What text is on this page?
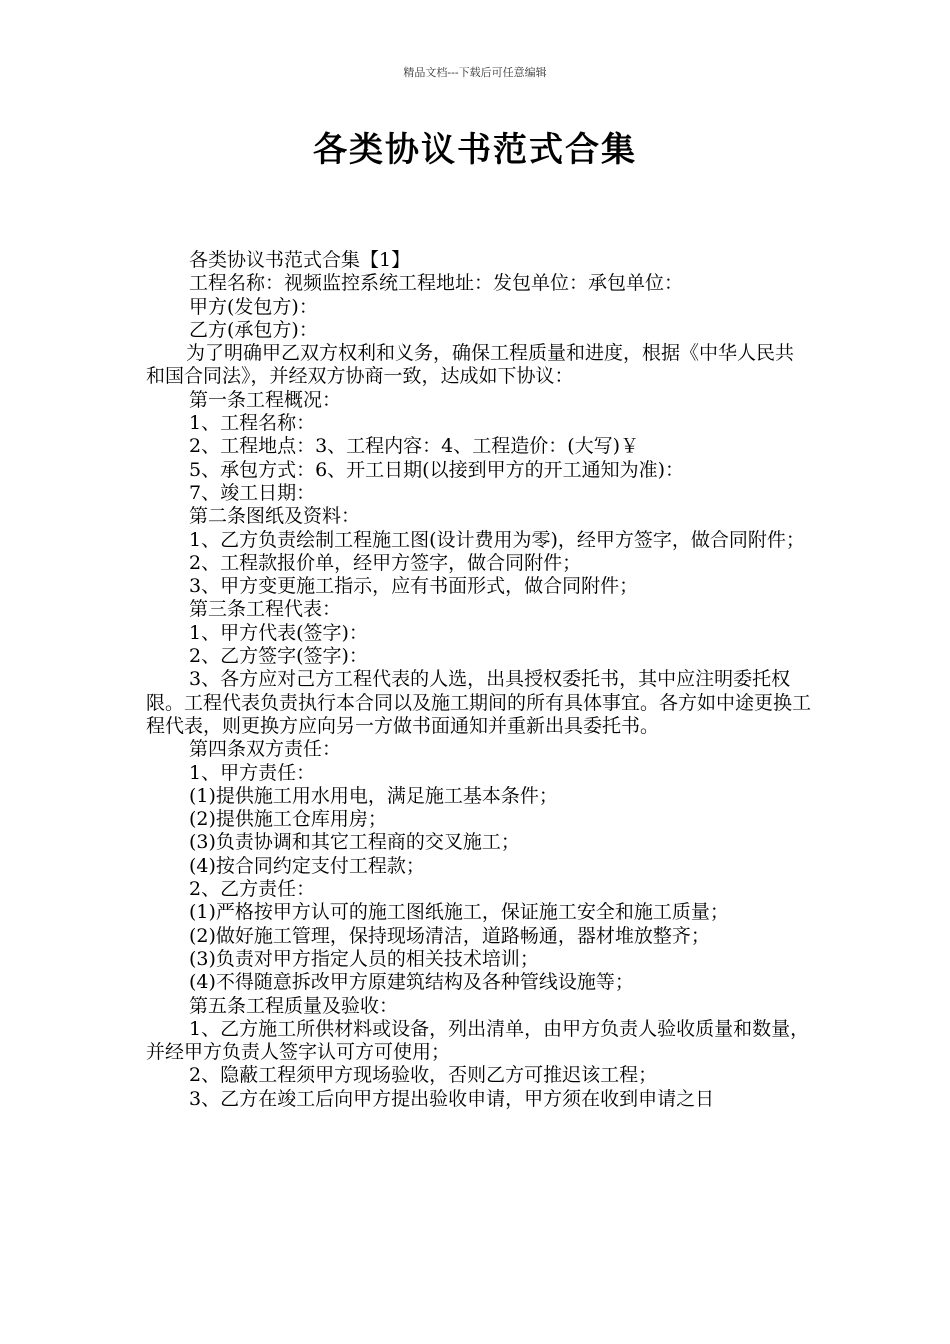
精品文档---下载后可任意编辑
各类协议书范式合集

各类协议书范式合集【1】

工程名称：视频监控系统工程地址：发包单位：承包单位：

甲方(发包方)：

乙方(承包方)：

为了明确甲乙双方权利和义务，确保工程质量和进度，根据《中华人民共和国合同法》，并经双方协商一致，达成如下协议：

第一条工程概况：

1、工程名称：

2、工程地点：3、工程内容：4、工程造价：(大写)￥

5、承包方式：6、开工日期(以接到甲方的开工通知为准)：

7、竣工日期：

第二条图纸及资料：

1、乙方负责绘制工程施工图(设计费用为零)，经甲方签字，做合同附件；

2、工程款报价单，经甲方签字，做合同附件；

3、甲方变更施工指示，应有书面形式，做合同附件；

第三条工程代表：

1、甲方代表(签字)：

2、乙方签字(签字)：

3、各方应对己方工程代表的人选，出具授权委托书，其中应注明委托权限。工程代表负责执行本合同以及施工期间的所有具体事宜。各方如中途更换工程代表，则更换方应向另一方做书面通知并重新出具委托书。

第四条双方责任：

1、甲方责任：

(1)提供施工用水用电，满足施工基本条件；

(2)提供施工仓库用房；

(3)负责协调和其它工程商的交叉施工；

(4)按合同约定支付工程款；

2、乙方责任：

(1)严格按甲方认可的施工图纸施工，保证施工安全和施工质量；

(2)做好施工管理，保持现场清洁，道路畅通，器材堆放整齐；

(3)负责对甲方指定人员的相关技术培训；

(4)不得随意拆改甲方原建筑结构及各种管线设施等；

第五条工程质量及验收：

1、乙方施工所供材料或设备，列出清单，由甲方负责人验收质量和数量，并经甲方负责人签字认可方可使用；

2、隐蔽工程须甲方现场验收，否则乙方可推迟该工程；

3、乙方在竣工后向甲方提出验收申请，甲方须在收到申请之日
